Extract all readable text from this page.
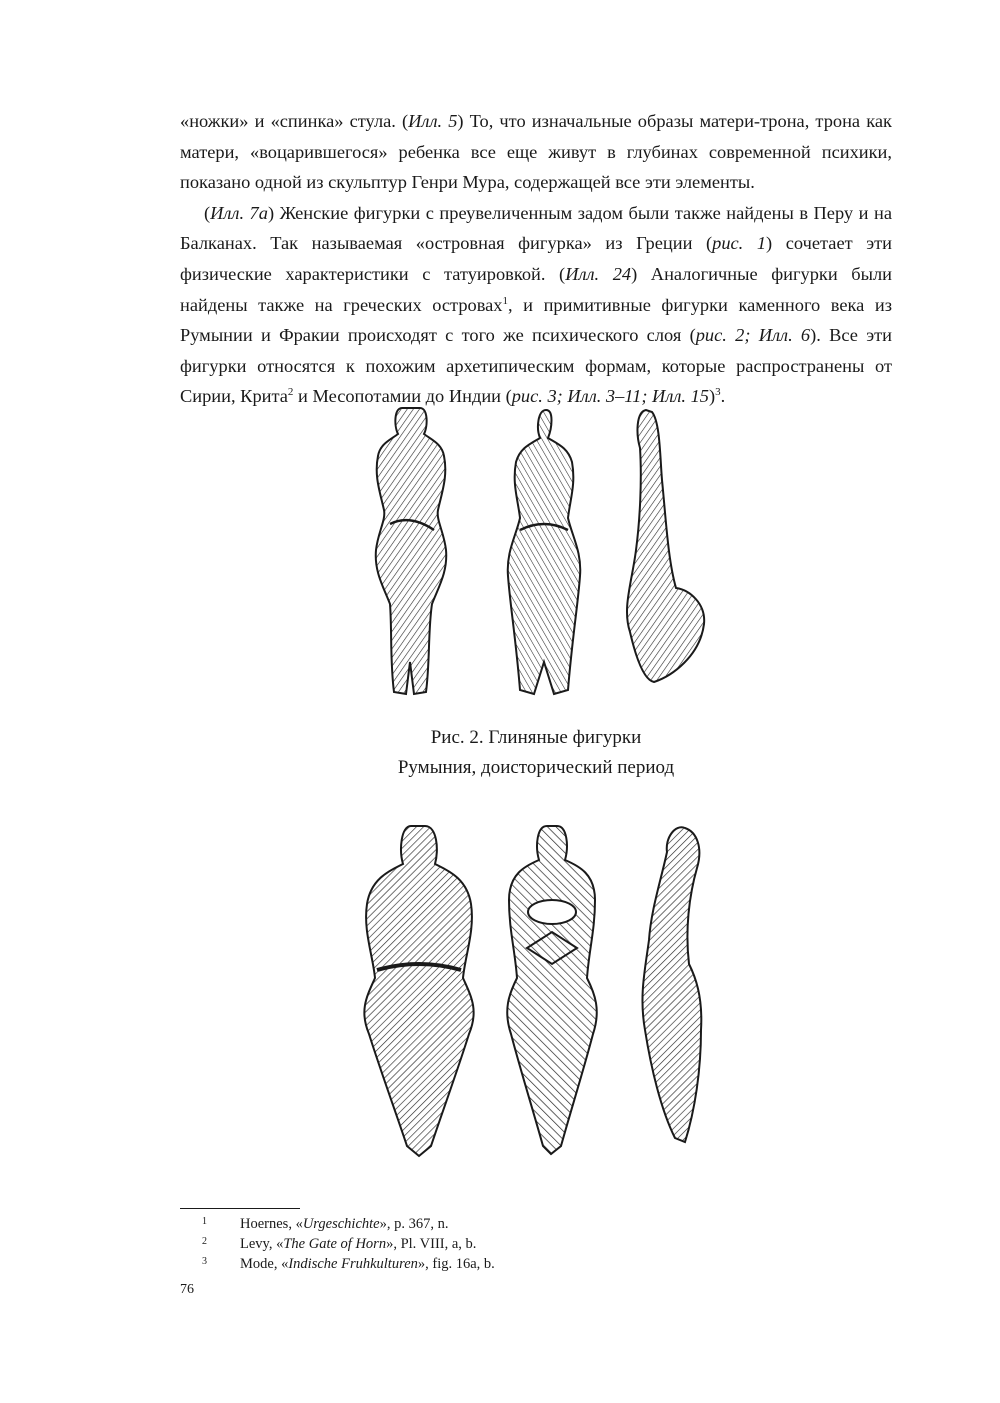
«ножки» и «спинка» стула. (Илл. 5) То, что изначальные образы матери-трона, трона как матери, «воцарившегося» ребенка все еще живут в глубинах современной психики, показано одной из скульптур Генри Мура, содержащей все эти элементы.

(Илл. 7а) Женские фигурки с преувеличенным задом были также найдены в Перу и на Балканах. Так называемая «островная фигурка» из Греции (рис. 1) сочетает эти физические характеристики с татуировкой. (Илл. 24) Аналогичные фигурки были найдены также на греческих островах$^1$, и примитивные фигурки каменного века из Румынии и Фракии происходят с того же психического слоя (рис. 2; Илл. 6). Все эти фигурки относятся к похожим архетипическим формам, которые распространены от Сирии, Крита$^2$ и Месопотамии до Индии (рис. 3; Илл. 3–11; Илл. 15)$^3$.

Рис. 2. Глиняные фигурки
Румыния, доисторический период
1 Hoernes, «Urgeschichte», p. 367, n.
2 Levy, «The Gate of Horn», Pl. VIII, a, b.
3 Mode, «Indische Fruhkulturen», fig. 16a, b.
76
